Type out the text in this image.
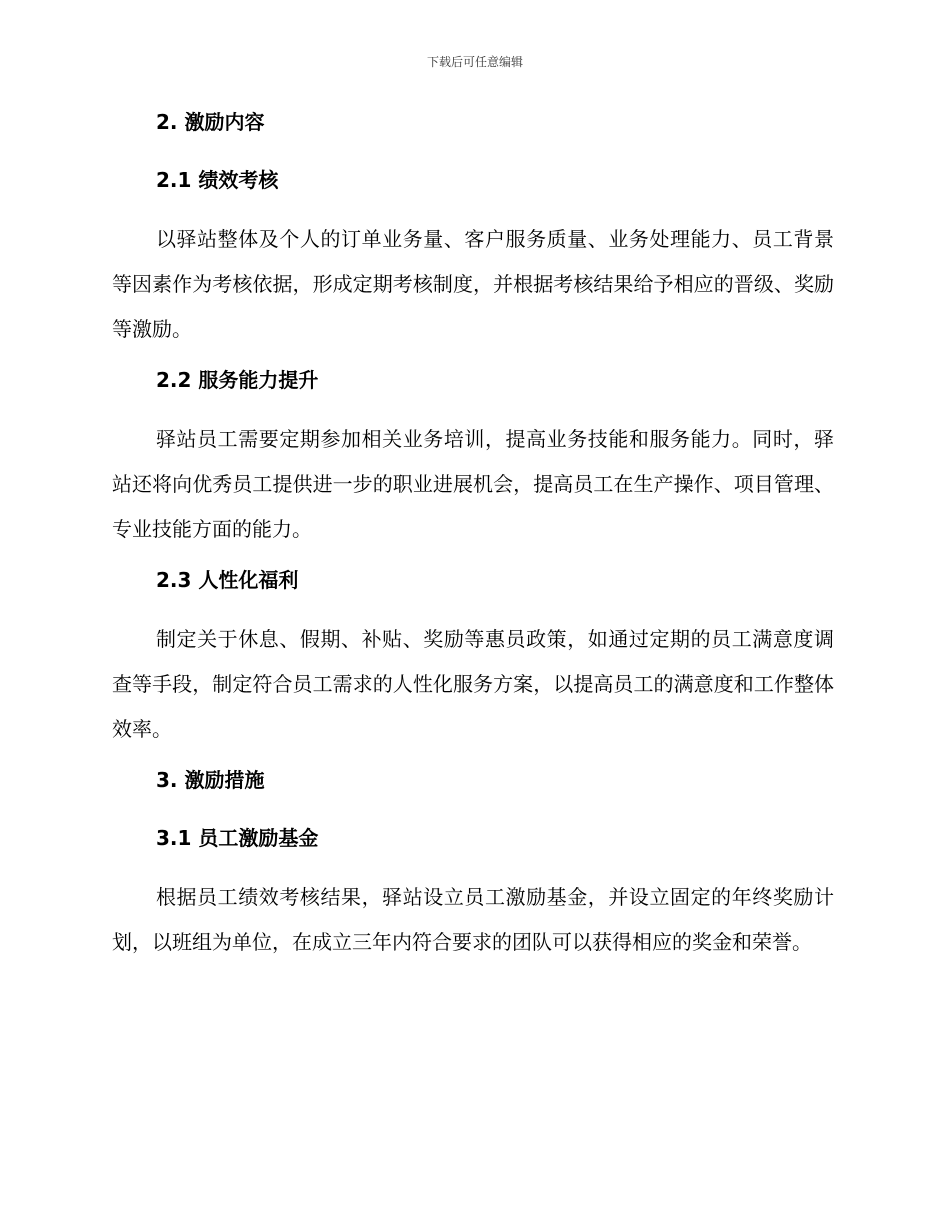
下载后可任意编辑
2. 激励内容
2.1 绩效考核

以驿站整体及个人的订单业务量、客户服务质量、业务处理能力、员工背景等因素作为考核依据，形成定期考核制度，并根据考核结果给予相应的晋级、奖励等激励。

2.2 服务能力提升

驿站员工需要定期参加相关业务培训，提高业务技能和服务能力。同时，驿站还将向优秀员工提供进一步的职业进展机会，提高员工在生产操作、项目管理、专业技能方面的能力。

2.3 人性化福利

制定关于休息、假期、补贴、奖励等惠员政策，如通过定期的员工满意度调查等手段，制定符合员工需求的人性化服务方案，以提高员工的满意度和工作整体效率。

3. 激励措施
3.1 员工激励基金

根据员工绩效考核结果，驿站设立员工激励基金，并设立固定的年终奖励计划，以班组为单位，在成立三年内符合要求的团队可以获得相应的奖金和荣誉。
